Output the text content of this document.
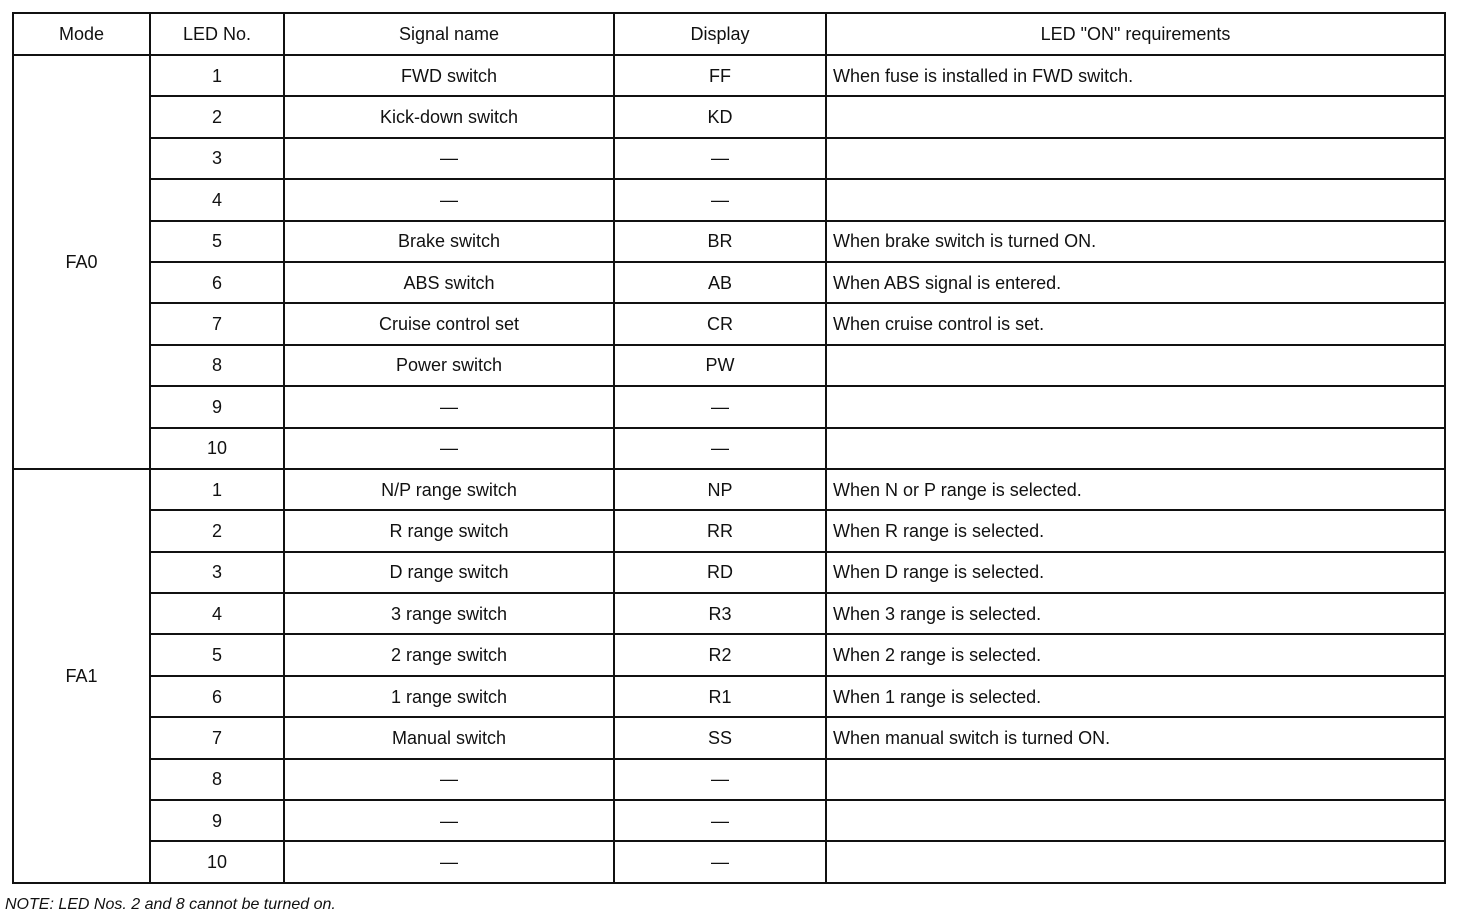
Mode	LED No.	Signal name	Display	LED "ON" requirements
FA0	1	FWD switch	FF	When fuse is installed in FWD switch.
	2	Kick-down switch	KD	
	3	—	—	
	4	—	—	
	5	Brake switch	BR	When brake switch is turned ON.
	6	ABS switch	AB	When ABS signal is entered.
	7	Cruise control set	CR	When cruise control is set.
	8	Power switch	PW	
	9	—	—	
	10	—	—	
FA1	1	N/P range switch	NP	When N or P range is selected.
	2	R range switch	RR	When R range is selected.
	3	D range switch	RD	When D range is selected.
	4	3 range switch	R3	When 3 range is selected.
	5	2 range switch	R2	When 2 range is selected.
	6	1 range switch	R1	When 1 range is selected.
	7	Manual switch	SS	When manual switch is turned ON.
	8	—	—	
	9	—	—	
	10	—	—	
NOTE: LED Nos. 2 and 8 cannot be turned on.
